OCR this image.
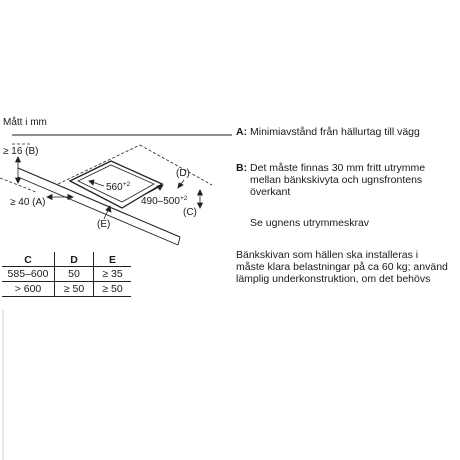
Mått i mm
≥ 16 (B)
≥ 40 (A)
$560^{+2}$
$490-500^{+2}$
(D)
(C)
(E)
A: Minimiavstånd från hällurtag till vägg
B: Det måste finnas 30 mm fritt utrymme
mellan bänkskivyta och ugnsfrontens
överkant
Se ugnens utrymmeskrav
Bänkskivan som hällen ska installeras i
måste klara belastningar på ca 60 kg; använd
lämplig underkonstruktion, om det behövs
C	D	E
585–600	50	≥ 35
> 600	≥ 50	≥ 50
